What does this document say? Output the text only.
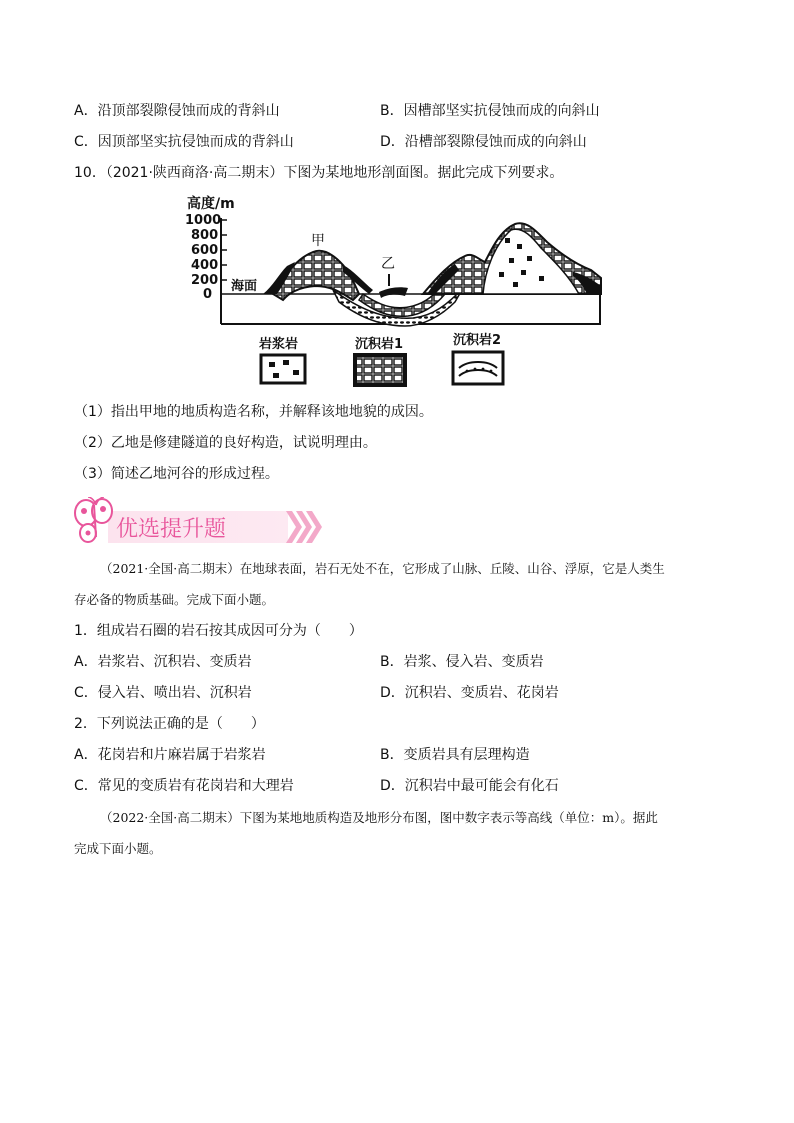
A．沿顶部裂隙侵蚀而成的背斜山	B．因槽部坚实抗侵蚀而成的向斜山
C．因顶部坚实抗侵蚀而成的背斜山	D．沿槽部裂隙侵蚀而成的向斜山
10．（2021·陕西商洛·高二期末）下图为某地地形剖面图。据此完成下列要求。
高度/m
1000
800
600
400
200
0
海面
乙
甲
岩浆岩	沉积岩1	沉积岩2
（1）指出甲地的地质构造名称，并解释该地地貌的成因。
（2）乙地是修建隧道的良好构造，试说明理由。
（3）简述乙地河谷的形成过程。
优选提升题
（2021·全国·高二期末）在地球表面，岩石无处不在，它形成了山脉、丘陵、山谷、浮原，它是人类生
存必备的物质基础。完成下面小题。
1．组成岩石圈的岩石按其成因可分为（　　）
A．岩浆岩、沉积岩、变质岩	B．岩浆、侵入岩、变质岩
C．侵入岩、喷出岩、沉积岩	D．沉积岩、变质岩、花岗岩
2．下列说法正确的是（　　）
A．花岗岩和片麻岩属于岩浆岩	B．变质岩具有层理构造
C．常见的变质岩有花岗岩和大理岩	D．沉积岩中最可能会有化石
（2022·全国·高二期末）下图为某地地质构造及地形分布图，图中数字表示等高线（单位：m）。据此
完成下面小题。
